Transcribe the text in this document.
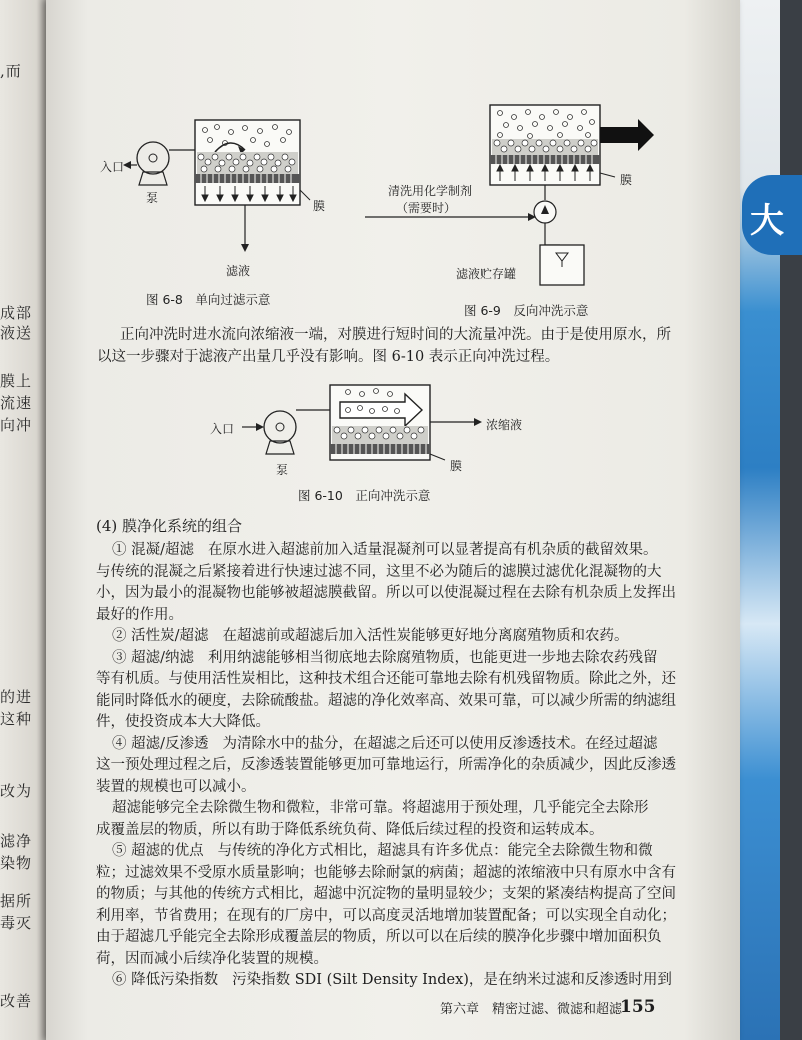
大
,而
成部
液送
膜上
流速
向冲
的进
这种
改为
滤净
染物
据所
毒灭
改善
入口
泵
膜
滤液
图 6-8　单向过滤示意
膜
清洗用化学制剂
（需要时）
滤液贮存罐
图 6-9　反向冲洗示意
正向冲洗时进水流向浓缩液一端，对膜进行短时间的大流量冲洗。由于是使用原水，所
以这一步骤对于滤液产出量几乎没有影响。图 6-10 表示正向冲洗过程。
入口
泵
浓缩液
膜
图 6-10　正向冲洗示意
(4) 膜净化系统的组合
① 混凝/超滤 在原水进入超滤前加入适量混凝剂可以显著提高有机杂质的截留效果。
与传统的混凝之后紧接着进行快速过滤不同，这里不必为随后的滤膜过滤优化混凝物的大
小，因为最小的混凝物也能够被超滤膜截留。所以可以使混凝过程在去除有机杂质上发挥出
最好的作用。
② 活性炭/超滤 在超滤前或超滤后加入活性炭能够更好地分离腐殖物质和农药。
③ 超滤/纳滤 利用纳滤能够相当彻底地去除腐殖物质，也能更进一步地去除农药残留
等有机质。与使用活性炭相比，这种技术组合还能可靠地去除有机残留物质。除此之外，还
能同时降低水的硬度，去除硫酸盐。超滤的净化效率高、效果可靠，可以减少所需的纳滤组
件，使投资成本大大降低。
④ 超滤/反渗透 为清除水中的盐分，在超滤之后还可以使用反渗透技术。在经过超滤
这一预处理过程之后，反渗透装置能够更加可靠地运行，所需净化的杂质减少，因此反渗透
装置的规模也可以减小。
超滤能够完全去除微生物和微粒，非常可靠。将超滤用于预处理，几乎能完全去除形
成覆盖层的物质，所以有助于降低系统负荷、降低后续过程的投资和运转成本。
⑤ 超滤的优点 与传统的净化方式相比，超滤具有许多优点：能完全去除微生物和微
粒；过滤效果不受原水质量影响；也能够去除耐氯的病菌；超滤的浓缩液中只有原水中含有
的物质；与其他的传统方式相比，超滤中沉淀物的量明显较少；支架的紧凑结构提高了空间
利用率，节省费用；在现有的厂房中，可以高度灵活地增加装置配备；可以实现全自动化；
由于超滤几乎能完全去除形成覆盖层的物质，所以可以在后续的膜净化步骤中增加面积负
荷，因而减小后续净化装置的规模。
⑥ 降低污染指数 污染指数 SDI (Silt Density Index)，是在纳米过滤和反渗透时用到
第六章　精密过滤、微滤和超滤
155
